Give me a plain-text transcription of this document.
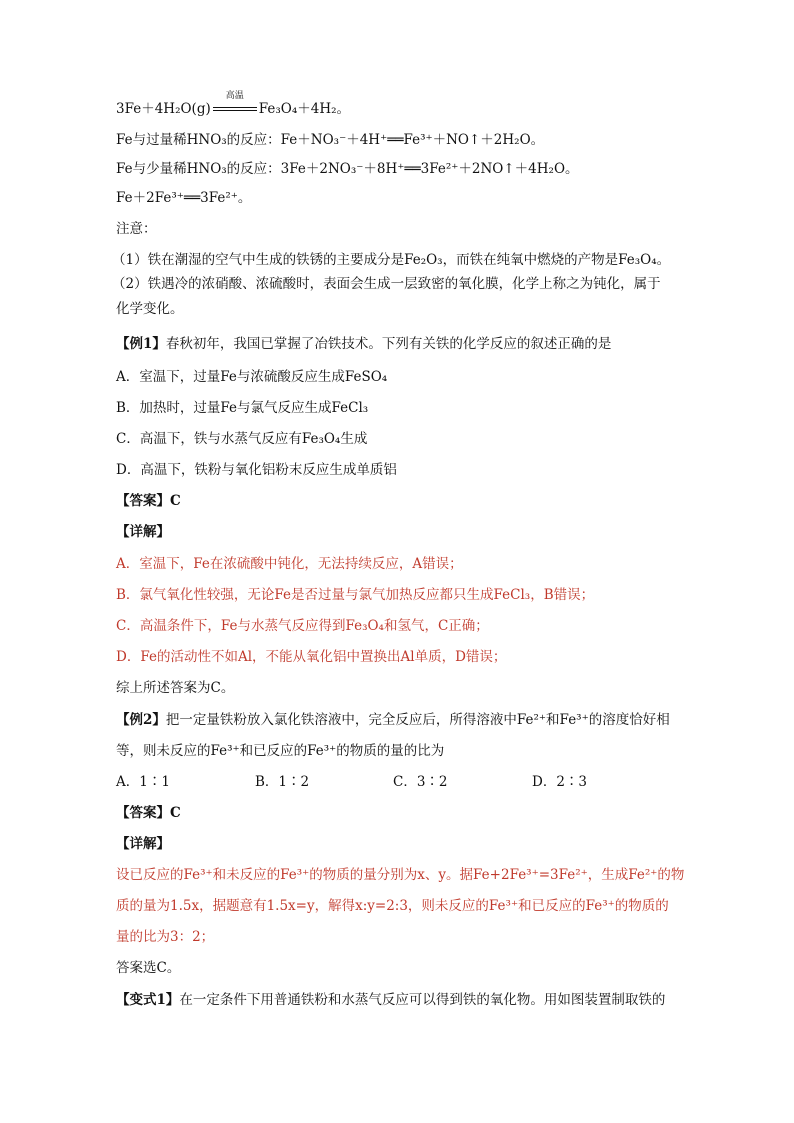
3Fe＋4H₂O(g)
高温
Fe₃O₄＋4H₂。
Fe与过量稀HNO₃的反应：Fe＋NO₃⁻＋4H⁺══Fe³⁺＋NO↑＋2H₂O。
Fe与少量稀HNO₃的反应：3Fe＋2NO₃⁻＋8H⁺══3Fe²⁺＋2NO↑＋4H₂O。
Fe＋2Fe³⁺══3Fe²⁺。
注意：
（1）铁在潮湿的空气中生成的铁锈的主要成分是Fe₂O₃，而铁在纯氧中燃烧的产物是Fe₃O₄。
（2）铁遇冷的浓硝酸、浓硫酸时，表面会生成一层致密的氧化膜，化学上称之为钝化，属于
化学变化。
【例1】春秋初年，我国已掌握了冶铁技术。下列有关铁的化学反应的叙述正确的是
A．室温下，过量Fe与浓硫酸反应生成FeSO₄
B．加热时，过量Fe与氯气反应生成FeCl₃
C．高温下，铁与水蒸气反应有Fe₃O₄生成
D．高温下，铁粉与氧化铝粉末反应生成单质铝
【答案】C
【详解】
A．室温下，Fe在浓硫酸中钝化，无法持续反应，A错误；
B．氯气氧化性较强，无论Fe是否过量与氯气加热反应都只生成FeCl₃，B错误；
C．高温条件下，Fe与水蒸气反应得到Fe₃O₄和氢气，C正确；
D．Fe的活动性不如Al，不能从氧化铝中置换出Al单质，D错误；
综上所述答案为C。
【例2】把一定量铁粉放入氯化铁溶液中，完全反应后，所得溶液中Fe²⁺和Fe³⁺的溶度恰好相
等，则未反应的Fe³⁺和已反应的Fe³⁺的物质的量的比为
A．1∶1	B．1∶2	C．3∶2	D．2∶3
【答案】C
【详解】
设已反应的Fe³⁺和未反应的Fe³⁺的物质的量分别为x、y。据Fe+2Fe³⁺=3Fe²⁺，生成Fe²⁺的物
质的量为1.5x，据题意有1.5x=y，解得x:y=2:3，则未反应的Fe³⁺和已反应的Fe³⁺的物质的
量的比为3：2；
答案选C。
【变式1】在一定条件下用普通铁粉和水蒸气反应可以得到铁的氧化物。用如图装置制取铁的
